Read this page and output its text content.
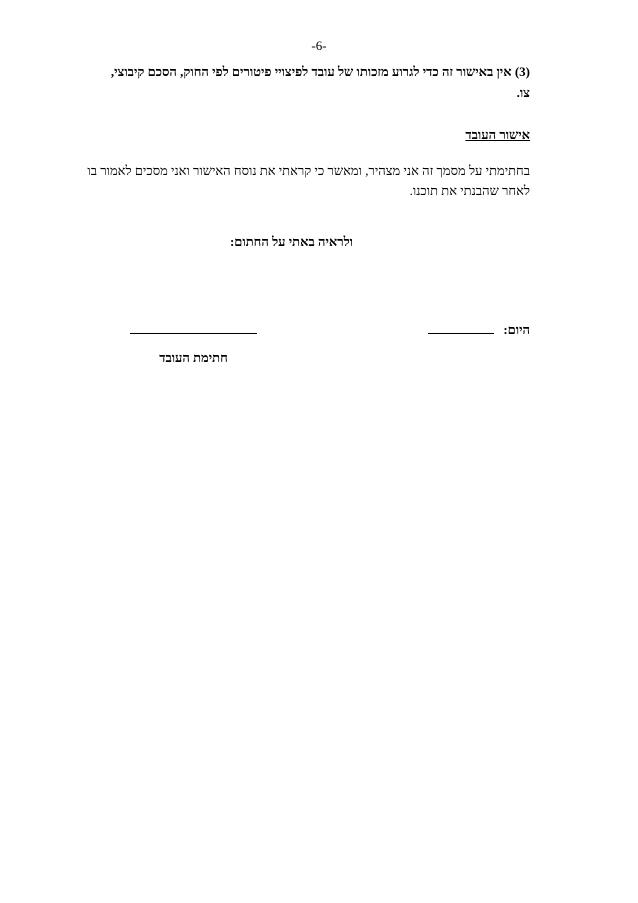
-6-
(3) אין באישור זה כדי לגרוע מזכותו של עובד לפיצויי פיטורים לפי החוק, הסכם קיבוצי,
צו.
אישור העובד
בחתימתי על מסמך זה אני מצהיר, ומאשר כי קראתי את נוסח האישור ואני מסכים לאמור בו
לאחר שהבנתי את תוכנו.
ולראיה באתי על החתום:
היום:
חתימת העובד
